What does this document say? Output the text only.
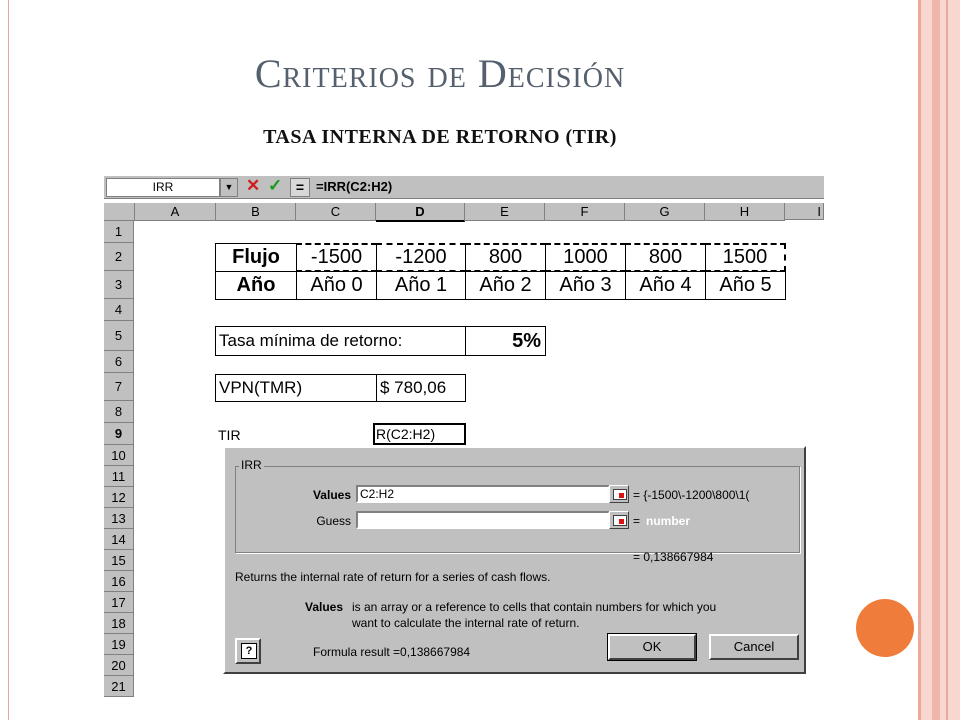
Criterios de Decisión
TASA INTERNA DE RETORNO (TIR)
IRR	▼ ✕ ✓ = =IRR(C2:H2)
A	B	C	D	E	F	G	H	I
1
2
3
4
5
6
7
8
9
10
11
12
13
14
15
16
17
18
19
20
21
Flujo	-1500	-1200	800	1000	800	1500
Año	Año 0	Año 1	Año 2	Año 3	Año 4	Año 5
Tasa mínima de retorno:	5%
VPN(TMR)	$ 780,06
TIR	R(C2:H2)
IRR
Values C2:H2	= {-1500\-1200\800\1(
Guess	= number
= 0,138667984
Returns the internal rate of return for a series of cash flows.
Values is an array or a reference to cells that contain numbers for which you
want to calculate the internal rate of return.
?	Formula result =0,138667984	OK	Cancel
